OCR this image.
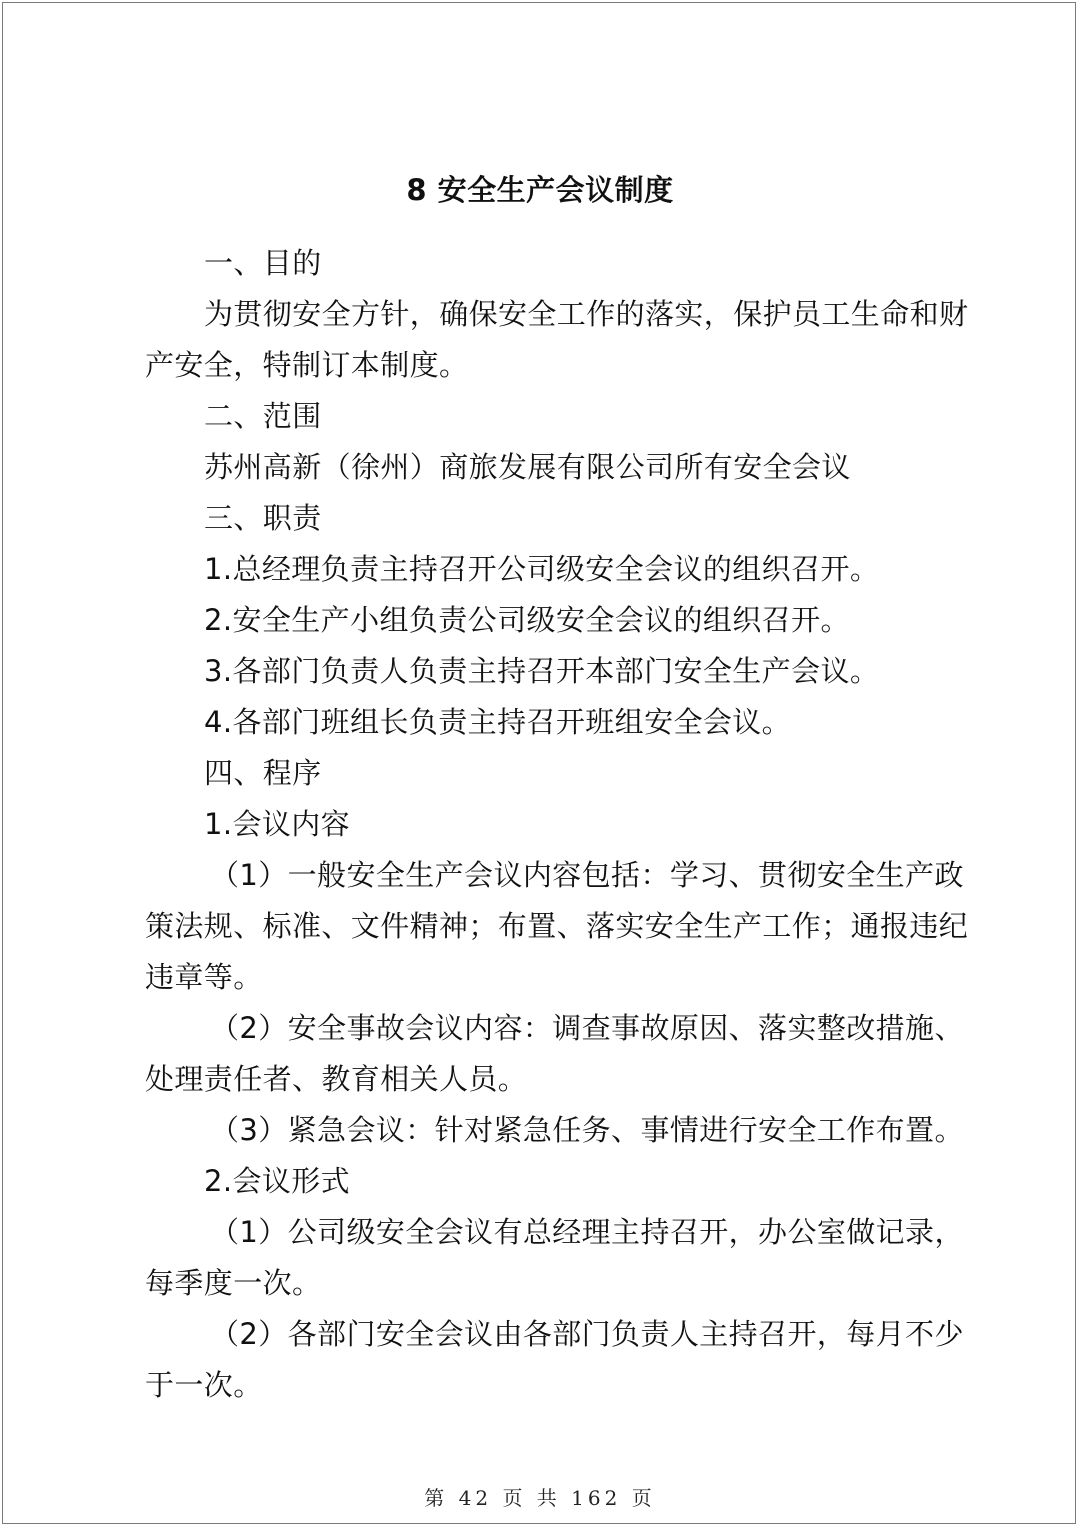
8 安全生产会议制度
一、目的
为贯彻安全方针，确保安全工作的落实，保护员工生命和财
产安全，特制订本制度。
二、范围
苏州高新（徐州）商旅发展有限公司所有安全会议
三、职责
1.总经理负责主持召开公司级安全会议的组织召开。
2.安全生产小组负责公司级安全会议的组织召开。
3.各部门负责人负责主持召开本部门安全生产会议。
4.各部门班组长负责主持召开班组安全会议。
四、程序
1.会议内容
（1）一般安全生产会议内容包括：学习、贯彻安全生产政
策法规、标准、文件精神；布置、落实安全生产工作；通报违纪
违章等。
（2）安全事故会议内容：调查事故原因、落实整改措施、
处理责任者、教育相关人员。
（3）紧急会议：针对紧急任务、事情进行安全工作布置。
2.会议形式
（1）公司级安全会议有总经理主持召开，办公室做记录，
每季度一次。
（2）各部门安全会议由各部门负责人主持召开，每月不少
于一次。
第 42 页 共 162 页
